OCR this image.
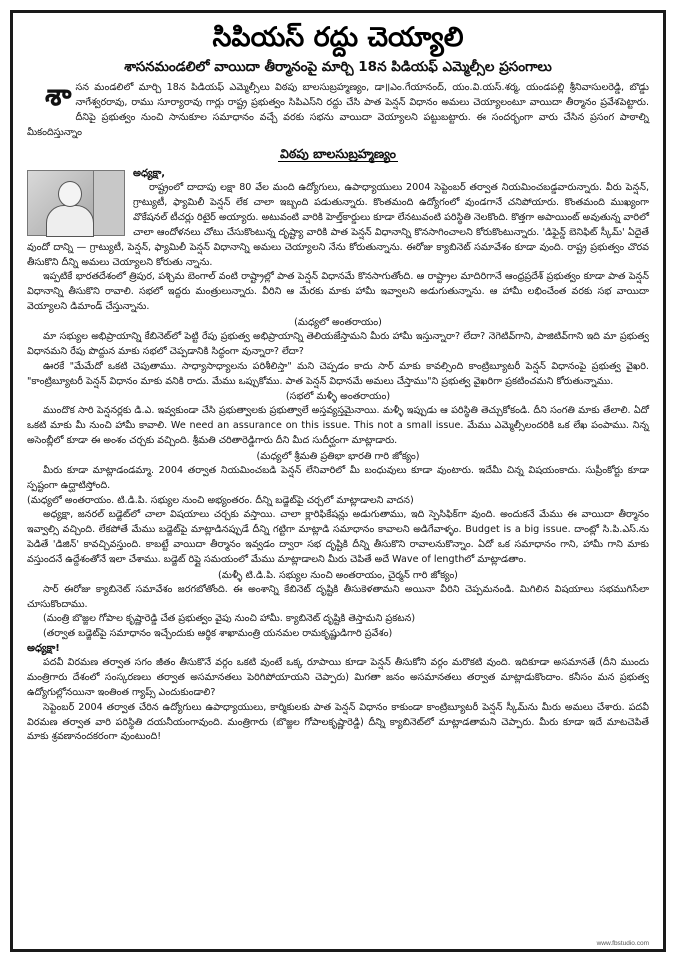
సిపియస్ రద్దు చెయ్యాలి
శాసనమండలిలో వాయిదా తీర్మానంపై మార్చి 18న పిడియఫ్ ఎమ్మెల్సీల ప్రసంగాలు

శాసన మండలిలో మార్చి 18న పిడియఫ్ ఎమ్మెల్సీలు విఠపు బాలసుబ్రహ్మణ్యం, డా॥ఎం.గేయానంద్, యం.వి.యస్.శర్మ, యండపల్లి శ్రీనివాసులరెడ్డి, బొడ్డు నాగేశ్వరరావు, రాము సూర్యారావు గార్లు రాష్ట్ర ప్రభుత్వం సిపిఎస్‌ని రద్దు చేసి పాత పెన్షన్ విధానం అమలు చెయ్యాలంటూ వాయిదా తీర్మానం ప్రవేశపెట్టారు. దీనిపై ప్రభుత్వం నుంచి సానుకూల సమాధానం వచ్చే వరకు సభను వాయిదా వెయ్యాలని పట్టుబట్టారు. ఈ సందర్భంగా వారు చేసిన ప్రసంగ పాఠాల్ని మీకందిస్తున్నాం

విఠపు బాలసుబ్రహ్మణ్యం
అధ్యక్షా,

రాష్ట్రంలో దాదాపు లక్షా 80 వేల మంది ఉద్యోగులు, ఉపాధ్యాయులు 2004 సెప్టెంబర్ తర్వాత నియమించబడ్డవారున్నారు. వీరు పెన్షన్, గ్రాట్యుటీ, ఫ్యామిలీ పెన్షన్ లేక చాలా ఇబ్బంది పడుతున్నారు. కొంతమంది ఉద్యోగంలో వుండగానే చనిపోయారు. కొంతమంది ముఖ్యంగా వొకేషనల్ టీచర్లు రిటైర్ అయ్యారు. అటువంటి వారికి హెల్త్‌కార్డులు కూడా లేనటువంటి పరిస్థితి నెలకొంది. కొత్తగా అపాయింట్ అవుతున్న వారిలో చాలా ఆందోళనలు చోటు చేసుకొంటున్న దృష్ట్యా వారికి పాత పెన్షన్ విధానాన్ని కొనసాగించాలని కోరుకొంటున్నారు. 'డిఫైన్డ్ బెనిఫిట్ స్కీమ్' ఏదైతే వుందో దాన్ని — గ్రాట్యుటీ, పెన్షన్, ఫ్యామిలీ పెన్షన్ విధానాన్ని అమలు చెయ్యాలని నేను కోరుతున్నాను. ఈరోజు క్యాబినెట్ సమావేశం కూడా వుంది. రాష్ట్ర ప్రభుత్వం చొరవ తీసుకొని దీన్ని అమలు చెయ్యాలని కోరుతు న్నాను.

ఇప్పటికే భారతదేశంలో త్రిపుర, పశ్చిమ బెంగాల్ వంటి రాష్ట్రాల్లో పాత పెన్షన్ విధానమే కొనసాగుతోంది. ఆ రాష్ట్రాల మాదిరిగానే ఆంధ్రప్రదేశ్ ప్రభుత్వం కూడా పాత పెన్షన్ విధానాన్ని తీసుకొని రావాలి. సభలో ఇద్దరు మంత్రులున్నారు. వీరిని ఆ మేరకు మాకు హామీ ఇవ్వాలని అడుగుతున్నాను. ఆ హామీ లభించేంత వరకు సభ వాయిదా వెయ్యాలని డిమాండ్ చేస్తున్నాను.

(మధ్యలో అంతరాయం)

మా సభ్యుల అభిప్రాయాన్ని కేబినెట్‌లో పెట్టి రేపు ప్రభుత్వ అభిప్రాయాన్ని తెలియజేస్తామని మీరు హామీ ఇస్తున్నారా? లేదా? నెగెటివ్‌గాని, పాజిటివ్‌గాని ఇది మా ప్రభుత్వ విధానమని రేపు పొద్దున మాకు సభలో చెప్పడానికి సిద్ధంగా వున్నారా? లేదా?

ఊరకే "మేమేదో ఒకటి చెపుతాము. సాధ్యాసాధ్యాలను పరిశీలిస్తా" మని చెప్పడం కాదు సార్ మాకు కావల్సింది కాంట్రిబ్యూటరీ పెన్షన్ విధానంపై ప్రభుత్వ వైఖరి. "కాంట్రిబ్యూటరీ పెన్షన్ విధానం మాకు వనికి రాదు. మేము ఒప్పుకోము. పాత పెన్షన్ విధానమే అమలు చేస్తాము"ని ప్రభుత్వ వైఖరిగా ప్రకటించమని కోరుతున్నాము.

(సభలో మళ్ళీ అంతరాయం)

ముందొక సారి పెన్షనర్లకు డి.ఎ. ఇవ్వకుండా చేసి ప్రభుత్వాలకు ప్రభుత్వాలే అస్తవ్యస్తమైనాయి. మళ్ళీ ఇప్పుడు ఆ పరిస్థితి తెచ్చుకోకండి. దీని సంగతి మాకు తేలాలి. ఏదో ఒకటి మాకు మీ నుంచి హామీ కావాలి. We need an assurance on this issue. This not a small issue. మేము ఎమ్మెల్సీలందరికి ఒక లేఖ పంపాము. నిన్న అసెంబ్లీలో కూడా ఈ అంశం చర్చకు వచ్చింది. శ్రీమతి చరితారెడ్డిగారు దీని మీద సుదీర్ఘంగా మాట్లాడారు.

(మధ్యలో శ్రీమతి ప్రతిభా భారతి గారి జోక్యం)

మీరు కూడా మాట్లాడండమ్మా. 2004 తర్వాత నియమించబడి పెన్షన్ లేనివారిలో మీ బంధువులు కూడా వుంటారు. ఇదేమీ చిన్న విషయంకాదు. సుప్రీంకోర్టు కూడా స్పష్టంగా ఉద్ఘాటిస్తోంది.

(మధ్యలో అంతరాయం. టి.డి.పి. సభ్యుల నుంచి అభ్యంతరం. దీన్ని బడ్జెట్‌పై చర్చలో మాట్లాడాలని వాదన)

అధ్యక్షా, జనరల్ బడ్జెట్‌లో చాలా విషయాలు చర్చకు వస్తాయి. చాలా క్లారిఫికేషన్లు అడుగుతాము, ఇది స్పెసిఫిక్‌గా వుంది. అందుకనే మేము ఈ వాయిదా తీర్మానం ఇవ్వాల్సి వచ్చింది. లేకపోతే మేము బడ్జెట్‌పై మాట్లాడినప్పుడే దీన్ని గట్టిగా మాట్లాడి సమాధానం కావాలని అడిగేవాళ్ళం. Budget is a big issue. దాంట్లో సి.పి.ఎస్.ను పెడితే 'డిజిన్' కావచ్చివస్తుంది. కాబట్టే వాయిదా తీర్మానం ఇవ్వడం ద్వారా సభ దృష్టికి దీన్ని తీసుకొని రావాలనుకొన్నాం. ఏదో ఒక సమాధానం గాని, హామీ గాని మాకు వస్తుందనే ఉద్దేశంతోనే ఇలా చేశాము. బడ్జెట్ రిప్లై సమయంలో మేము మాట్లాడాలని మీరు చెపితే అదే Wave of lengthలో మాట్లాడతాం.

(మళ్ళీ టి.డి.పి. సభ్యుల నుంచి అంతరాయం, చైర్మన్ గారి జోక్యం)

సార్ ఈరోజు క్యాబినెట్ సమావేశం జరగబోతోంది. ఈ అంశాన్ని కేబినెట్ దృష్టికి తీసుకెళతామని అయినా వీరిని చెప్పమనండి. మిగిలిన విషయాలు సభముగిసేలా చూసుకొందాము.

(మంత్రి బొజ్జల గోపాల కృష్ణారెడ్డి చేత ప్రభుత్వం వైపు నుంచి హామీ. క్యాబినెట్ దృష్టికి తెస్తామని ప్రకటన)
(తర్వాత బడ్జెట్‌పై సమాధానం ఇచ్చేందుకు ఆర్థిక శాఖామంత్రి యనమల రామకృష్ణుడిగారి ప్రవేశం)
అధ్యక్షా!

పదవీ విరమణ తర్వాత సగం జీతం తీసుకొనే వర్గం ఒకటి వుంటే ఒక్క రూపాయి కూడా పెన్షన్ తీసుకోని వర్గం మరొకటి వుంది. ఇదికూడా అసమానతే (దీని ముందు మంత్రిగారు దేశంలో సంస్కరణలు తర్వాత అసమానతలు పెరిగిపోయాయని చెప్పారు) మిగతా జనం అసమానతలు తర్వాత మాట్లాడుకొందాం. కనీసం మన ప్రభుత్వ ఉద్యోగుల్లోనయినా ఇంతింత గ్యాప్స్ ఎందుకుండాలి?

సెప్టెంబర్ 2004 తర్వాత చేరిన ఉద్యోగులు ఉపాధ్యాయులు, కార్మికులకు పాత పెన్షన్ విధానం కాకుండా కాంట్రిబ్యూటరీ పెన్షన్ స్కీమ్‌ను మీరు అమలు చేశారు. పదవీ విరమణ తర్వాత వారి పరిస్థితి దయనీయంగావుంది. మంత్రిగారు (బొజ్జల గోపాలకృష్ణారెడ్డి) దీన్ని క్యాబినెట్‌లో మాట్లాడతామని చెప్పారు. మీరు కూడా ఇదే మాటచెపితే మాకు శ్రవణానందకరంగా వుంటుంది!

www.fbstudio.com
